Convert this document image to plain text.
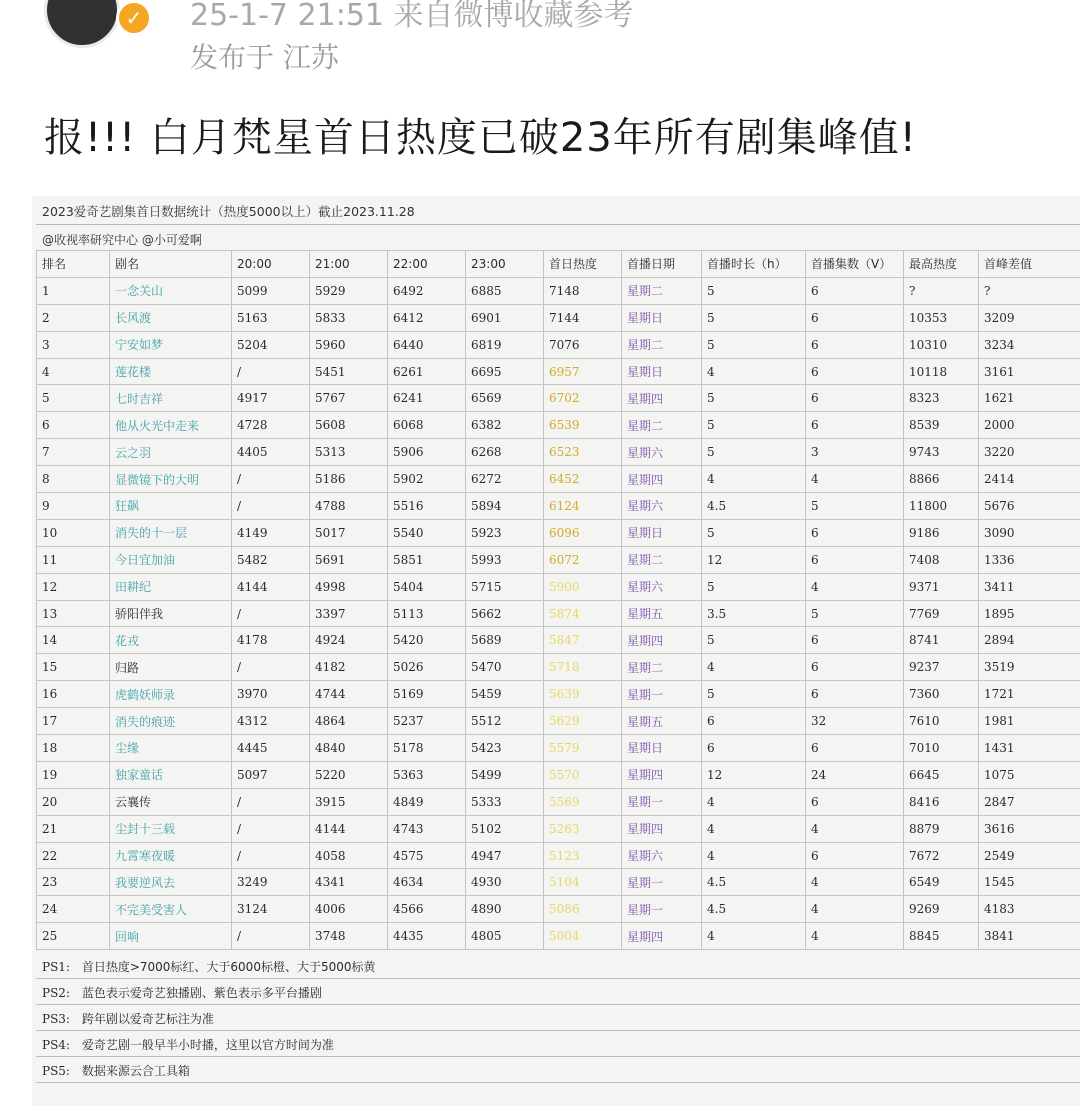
✓	25-1-7 21:51 来自微博收藏参考
发布于 江苏
报!!! 白月梵星首日热度已破23年所有剧集峰值!
2023爱奇艺剧集首日数据统计（热度5000以上）截止2023.11.28
@收视率研究中心 @小可爱啊
排名	剧名	20:00	21:00	22:00	23:00	首日热度	首播日期	首播时长（h）	首播集数（V）	最高热度	首峰差值
1	一念关山	5099	5929	6492	6885	7148	星期二	5	6	?	?
2	长风渡	5163	5833	6412	6901	7144	星期日	5	6	10353	3209
3	宁安如梦	5204	5960	6440	6819	7076	星期二	5	6	10310	3234
4	莲花楼	/	5451	6261	6695	6957	星期日	4	6	10118	3161
5	七时吉祥	4917	5767	6241	6569	6702	星期四	5	6	8323	1621
6	他从火光中走来	4728	5608	6068	6382	6539	星期二	5	6	8539	2000
7	云之羽	4405	5313	5906	6268	6523	星期六	5	3	9743	3220
8	显微镜下的大明	/	5186	5902	6272	6452	星期四	4	4	8866	2414
9	狂飙	/	4788	5516	5894	6124	星期六	4.5	5	11800	5676
10	消失的十一层	4149	5017	5540	5923	6096	星期日	5	6	9186	3090
11	今日宜加油	5482	5691	5851	5993	6072	星期二	12	6	7408	1336
12	田耕纪	4144	4998	5404	5715	5900	星期六	5	4	9371	3411
13	骄阳伴我	/	3397	5113	5662	5874	星期五	3.5	5	7769	1895
14	花戎	4178	4924	5420	5689	5847	星期四	5	6	8741	2894
15	归路	/	4182	5026	5470	5718	星期二	4	6	9237	3519
16	虎鹤妖师录	3970	4744	5169	5459	5639	星期一	5	6	7360	1721
17	消失的痕迹	4312	4864	5237	5512	5629	星期五	6	32	7610	1981
18	尘缘	4445	4840	5178	5423	5579	星期日	6	6	7010	1431
19	独家童话	5097	5220	5363	5499	5570	星期四	12	24	6645	1075
20	云襄传	/	3915	4849	5333	5569	星期一	4	6	8416	2847
21	尘封十三载	/	4144	4743	5102	5263	星期四	4	4	8879	3616
22	九霄寒夜暖	/	4058	4575	4947	5123	星期六	4	6	7672	2549
23	我要逆风去	3249	4341	4634	4930	5104	星期一	4.5	4	6549	1545
24	不完美受害人	3124	4006	4566	4890	5086	星期一	4.5	4	9269	4183
25	回响	/	3748	4435	4805	5004	星期四	4	4	8845	3841
PS1: 首日热度>7000标红、大于6000标橙、大于5000标黄
PS2: 蓝色表示爱奇艺独播剧、紫色表示多平台播剧
PS3: 跨年剧以爱奇艺标注为准
PS4: 爱奇艺剧一般早半小时播，这里以官方时间为准
PS5: 数据来源云合工具箱
